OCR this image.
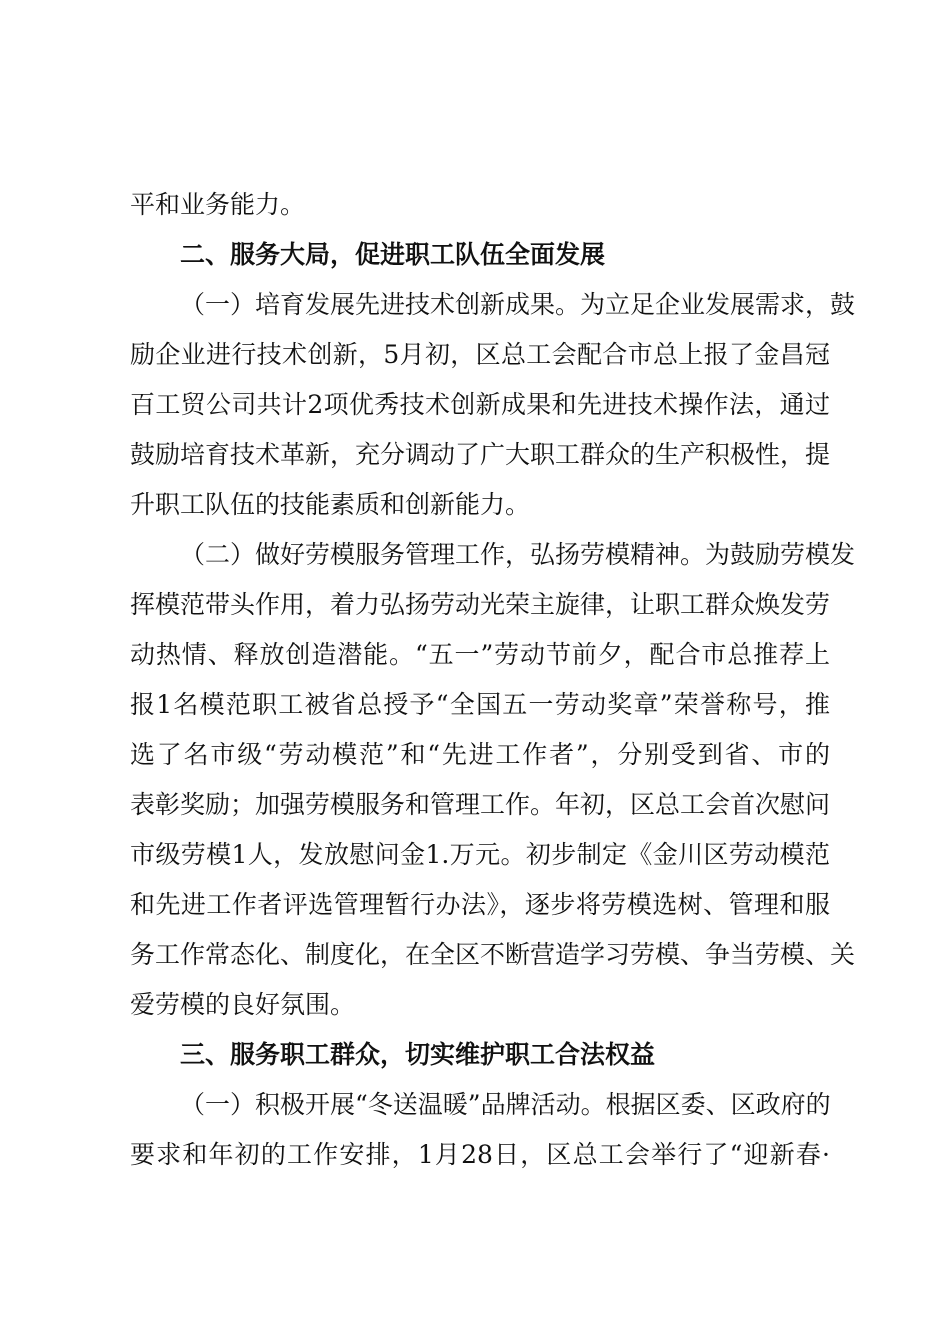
平和业务能力。
二、服务大局，促进职工队伍全面发展
（一）培育发展先进技术创新成果。为立足企业发展需求，鼓
励企业进行技术创新，5月初，区总工会配合市总上报了金昌冠
百工贸公司共计2项优秀技术创新成果和先进技术操作法，通过
鼓励培育技术革新，充分调动了广大职工群众的生产积极性，提
升职工队伍的技能素质和创新能力。
（二）做好劳模服务管理工作，弘扬劳模精神。为鼓励劳模发
挥模范带头作用，着力弘扬劳动光荣主旋律，让职工群众焕发劳
动热情、释放创造潜能。“五一”劳动节前夕，配合市总推荐上
报1名模范职工被省总授予“全国五一劳动奖章”荣誉称号，推
选了名市级“劳动模范”和“先进工作者”，分别受到省、市的
表彰奖励；加强劳模服务和管理工作。年初，区总工会首次慰问
市级劳模1人，发放慰问金1.万元。初步制定《金川区劳动模范
和先进工作者评选管理暂行办法》，逐步将劳模选树、管理和服
务工作常态化、制度化，在全区不断营造学习劳模、争当劳模、关
爱劳模的良好氛围。
三、服务职工群众，切实维护职工合法权益
（一）积极开展“冬送温暖”品牌活动。根据区委、区政府的
要求和年初的工作安排，1月28日，区总工会举行了“迎新春·
